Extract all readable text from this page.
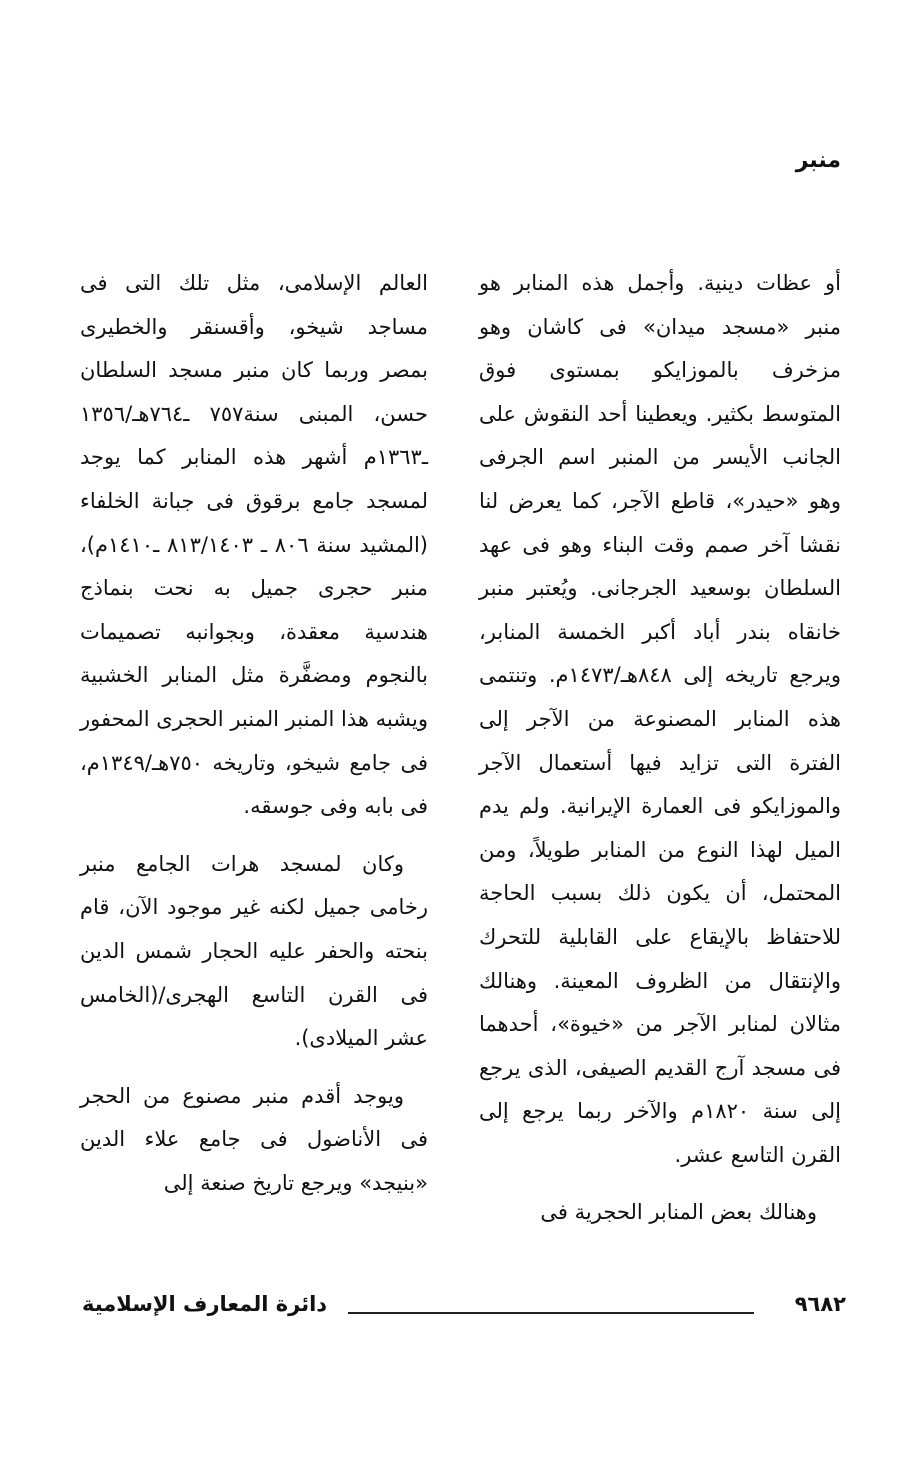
منبر

أو عظات دينية. وأجمل هذه المنابر هو منبر «مسجد ميدان» فى كاشان وهو مزخرف بالموزايكو بمستوى فوق المتوسط بكثير. ويعطينا أحد النقوش على الجانب الأيسر من المنبر اسم الجرفى وهو «حيدر»، قاطع الآجر، كما يعرض لنا نقشا آخر صمم وقت البناء وهو فى عهد السلطان بوسعيد الجرجانى. ويُعتبر منبر خانقاه بندر أباد أكبر الخمسة المنابر، ويرجع تاريخه إلى ٨٤٨هـ/١٤٧٣م. وتنتمى هذه المنابر المصنوعة من الآجر إلى الفترة التى تزايد فيها أستعمال الآجر والموزايكو فى العمارة الإيرانية. ولم يدم الميل لهذا النوع من المنابر طويلاً، ومن المحتمل، أن يكون ذلك بسبب الحاجة للاحتفاظ بالإيقاع على القابلية للتحرك والإنتقال من الظروف المعينة. وهنالك مثالان لمنابر الآجر من «خيوة»، أحدهما فى مسجد آرج القديم الصيفى، الذى يرجع إلى سنة ١٨٢٠م والآخر ربما يرجع إلى القرن التاسع عشر.

وهنالك بعض المنابر الحجرية فى

العالم الإسلامى، مثل تلك التى فى مساجد شيخو، وأقسنقر والخطيرى بمصر وربما كان منبر مسجد السلطان حسن، المبنى سنة٧٥٧ ـ٧٦٤هـ/١٣٥٦ ـ١٣٦٣م أشهر هذه المنابر كما يوجد لمسجد جامع برقوق فى جبانة الخلفاء (المشيد سنة ٨٠٦ ـ ٨١٣/١٤٠٣ ـ١٤١٠م)، منبر حجرى جميل به نحت بنماذج هندسية معقدة، وبجوانبه تصميمات بالنجوم ومضفَّرة مثل المنابر الخشبية ويشبه هذا المنبر المنبر الحجرى المحفور فى جامع شيخو، وتاريخه ٧٥٠هـ/١٣٤٩م، فى بابه وفى جوسقه.

وكان لمسجد هرات الجامع منبر رخامى جميل لكنه غير موجود الآن، قام بنحته والحفر عليه الحجار شمس الدين فى القرن التاسع الهجرى/(الخامس عشر الميلادى).

ويوجد أقدم منبر مصنوع من الحجر فى الأناضول فى جامع علاء الدين «بنيجد» ويرجع تاريخ صنعة إلى

٩٦٨٢
دائرة المعارف الإسلامية
